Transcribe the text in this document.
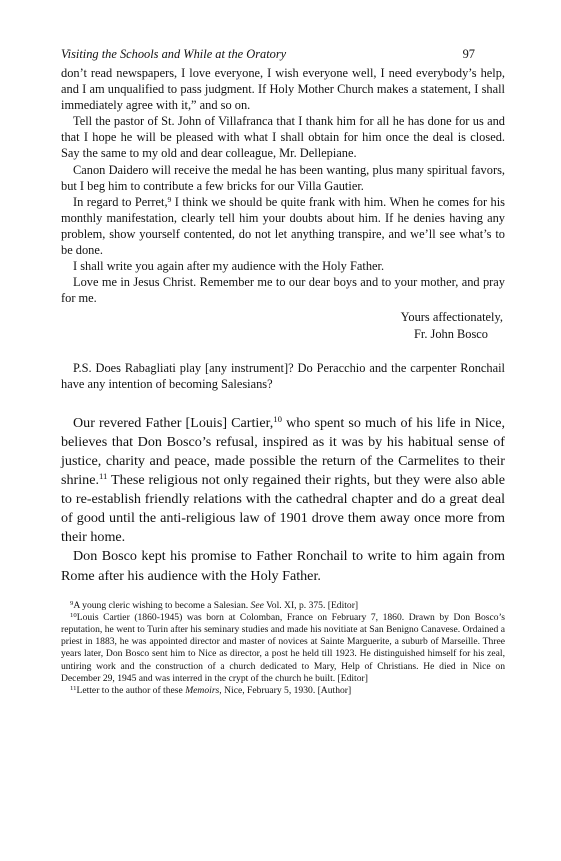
Visiting the Schools and While at the Oratory	97

don’t read newspapers, I love everyone, I wish everyone well, I need everybody’s help, and I am unqualified to pass judgment. If Holy Mother Church makes a statement, I shall immediately agree with it,” and so on.

Tell the pastor of St. John of Villafranca that I thank him for all he has done for us and that I hope he will be pleased with what I shall obtain for him once the deal is closed. Say the same to my old and dear colleague, Mr. Dellepiane.

Canon Daidero will receive the medal he has been wanting, plus many spiritual favors, but I beg him to contribute a few bricks for our Villa Gautier.

In regard to Perret,$^9$ I think we should be quite frank with him. When he comes for his monthly manifestation, clearly tell him your doubts about him. If he denies having any problem, show yourself contented, do not let anything transpire, and we’ll see what’s to be done.

I shall write you again after my audience with the Holy Father.

Love me in Jesus Christ. Remember me to our dear boys and to your mother, and pray for me.

Yours affectionately,
Fr. John Bosco

P.S. Does Rabagliati play [any instrument]? Do Peracchio and the carpenter Ronchail have any intention of becoming Salesians?

Our revered Father [Louis] Cartier,$^{10}$ who spent so much of his life in Nice, believes that Don Bosco’s refusal, inspired as it was by his habitual sense of justice, charity and peace, made possible the return of the Carmelites to their shrine.$^{11}$ These religious not only regained their rights, but they were also able to re-establish friendly relations with the cathedral chapter and do a great deal of good until the anti-religious law of 1901 drove them away once more from their home.

Don Bosco kept his promise to Father Ronchail to write to him again from Rome after his audience with the Holy Father.

$^9$A young cleric wishing to become a Salesian. See Vol. XI, p. 375. [Editor]

$^{10}$Louis Cartier (1860-1945) was born at Colomban, France on February 7, 1860. Drawn by Don Bosco’s reputation, he went to Turin after his seminary studies and made his novitiate at San Benigno Canavese. Ordained a priest in 1883, he was appointed director and master of novices at Sainte Marguerite, a suburb of Marseille. Three years later, Don Bosco sent him to Nice as director, a post he held till 1923. He distinguished himself for his zeal, untiring work and the construction of a church dedicated to Mary, Help of Christians. He died in Nice on December 29, 1945 and was interred in the crypt of the church he built. [Editor]

$^{11}$Letter to the author of these Memoirs, Nice, February 5, 1930. [Author]
